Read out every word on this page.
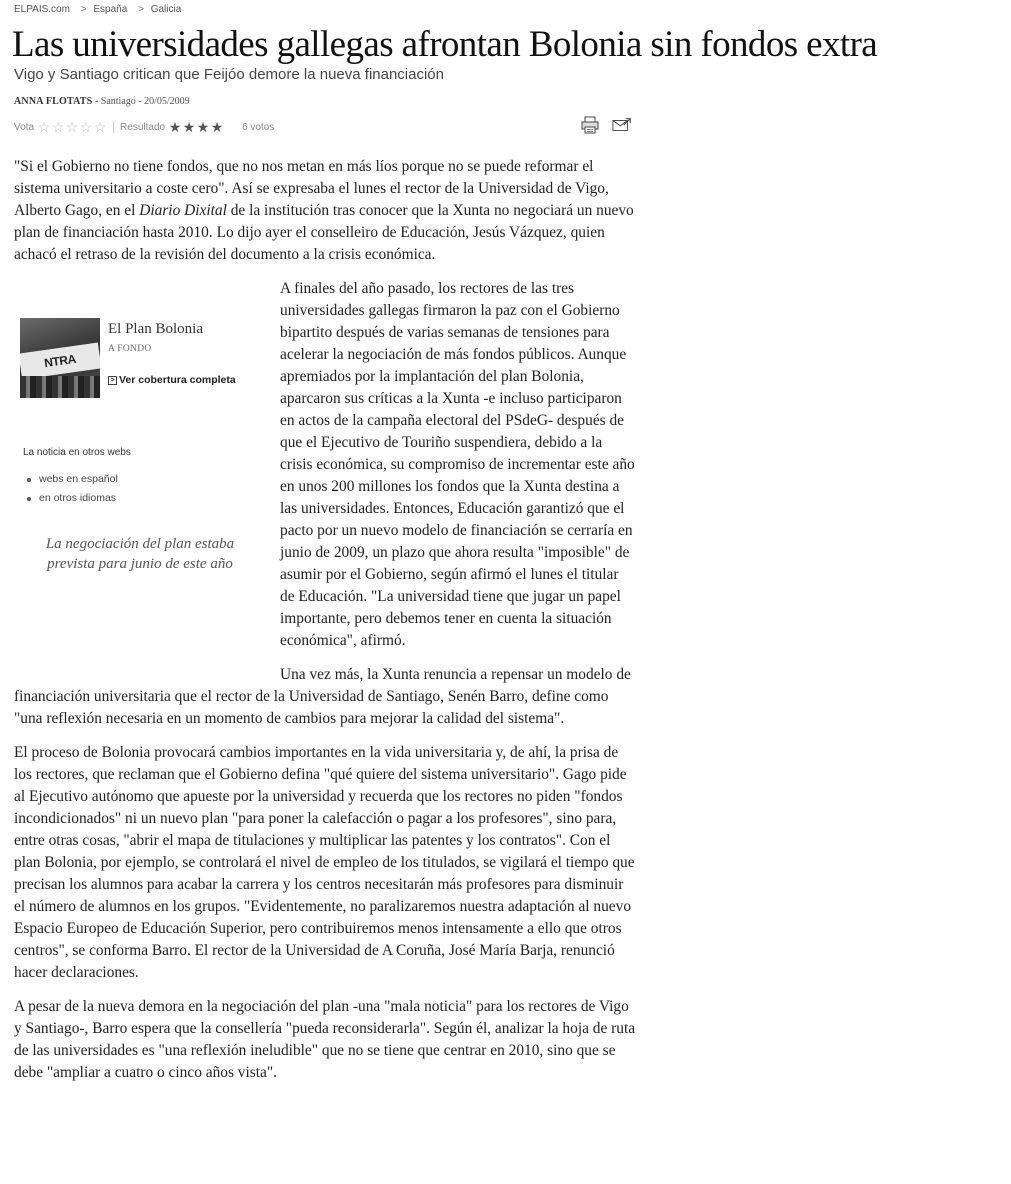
ELPAIS.com > España > Galicia
Las universidades gallegas afrontan Bolonia sin fondos extra
Vigo y Santiago critican que Feijóo demore la nueva financiación
ANNA FLOTATS - Santiago - 20/05/2009
Vota ☆ ☆ ☆ ☆ ☆ Resultado ★ ★ ★ ★ 6 votos

"Si el Gobierno no tiene fondos, que no nos metan en más líos porque no se puede reformar el sistema universitario a coste cero". Así se expresaba el lunes el rector de la Universidad de Vigo, Alberto Gago, en el Diario Dixital de la institución tras conocer que la Xunta no negociará un nuevo plan de financiación hasta 2010. Lo dijo ayer el conselleiro de Educación, Jesús Vázquez, quien achacó el retraso de la revisión del documento a la crisis económica.

NTRA
El Plan Bolonia
A FONDO
> Ver cobertura completa
La noticia en otros webs
webs en español
en otros idiomas
La negociación del plan estaba prevista para junio de este año

A finales del año pasado, los rectores de las tres universidades gallegas firmaron la paz con el Gobierno bipartito después de varias semanas de tensiones para acelerar la negociación de más fondos públicos. Aunque apremiados por la implantación del plan Bolonia, aparcaron sus críticas a la Xunta -e incluso participaron en actos de la campaña electoral del PSdeG- después de que el Ejecutivo de Touriño suspendiera, debido a la crisis económica, su compromiso de incrementar este año en unos 200 millones los fondos que la Xunta destina a las universidades. Entonces, Educación garantizó que el pacto por un nuevo modelo de financiación se cerraría en junio de 2009, un plazo que ahora resulta "imposible" de asumir por el Gobierno, según afirmó el lunes el titular de Educación. "La universidad tiene que jugar un papel importante, pero debemos tener en cuenta la situación económica", afirmó.

Una vez más, la Xunta renuncia a repensar un modelo de financiación universitaria que el rector de la Universidad de Santiago, Senén Barro, define como "una reflexión necesaria en un momento de cambios para mejorar la calidad del sistema".

El proceso de Bolonia provocará cambios importantes en la vida universitaria y, de ahí, la prisa de los rectores, que reclaman que el Gobierno defina "qué quiere del sistema universitario". Gago pide al Ejecutivo autónomo que apueste por la universidad y recuerda que los rectores no piden "fondos incondicionados" ni un nuevo plan "para poner la calefacción o pagar a los profesores", sino para, entre otras cosas, "abrir el mapa de titulaciones y multiplicar las patentes y los contratos". Con el plan Bolonia, por ejemplo, se controlará el nivel de empleo de los titulados, se vigilará el tiempo que precisan los alumnos para acabar la carrera y los centros necesitarán más profesores para disminuir el número de alumnos en los grupos. "Evidentemente, no paralizaremos nuestra adaptación al nuevo Espacio Europeo de Educación Superior, pero contribuiremos menos intensamente a ello que otros centros", se conforma Barro. El rector de la Universidad de A Coruña, José María Barja, renunció hacer declaraciones.

A pesar de la nueva demora en la negociación del plan -una "mala noticia" para los rectores de Vigo y Santiago-, Barro espera que la consellería "pueda reconsiderarla". Según él, analizar la hoja de ruta de las universidades es "una reflexión ineludible" que no se tiene que centrar en 2010, sino que se debe "ampliar a cuatro o cinco años vista".
